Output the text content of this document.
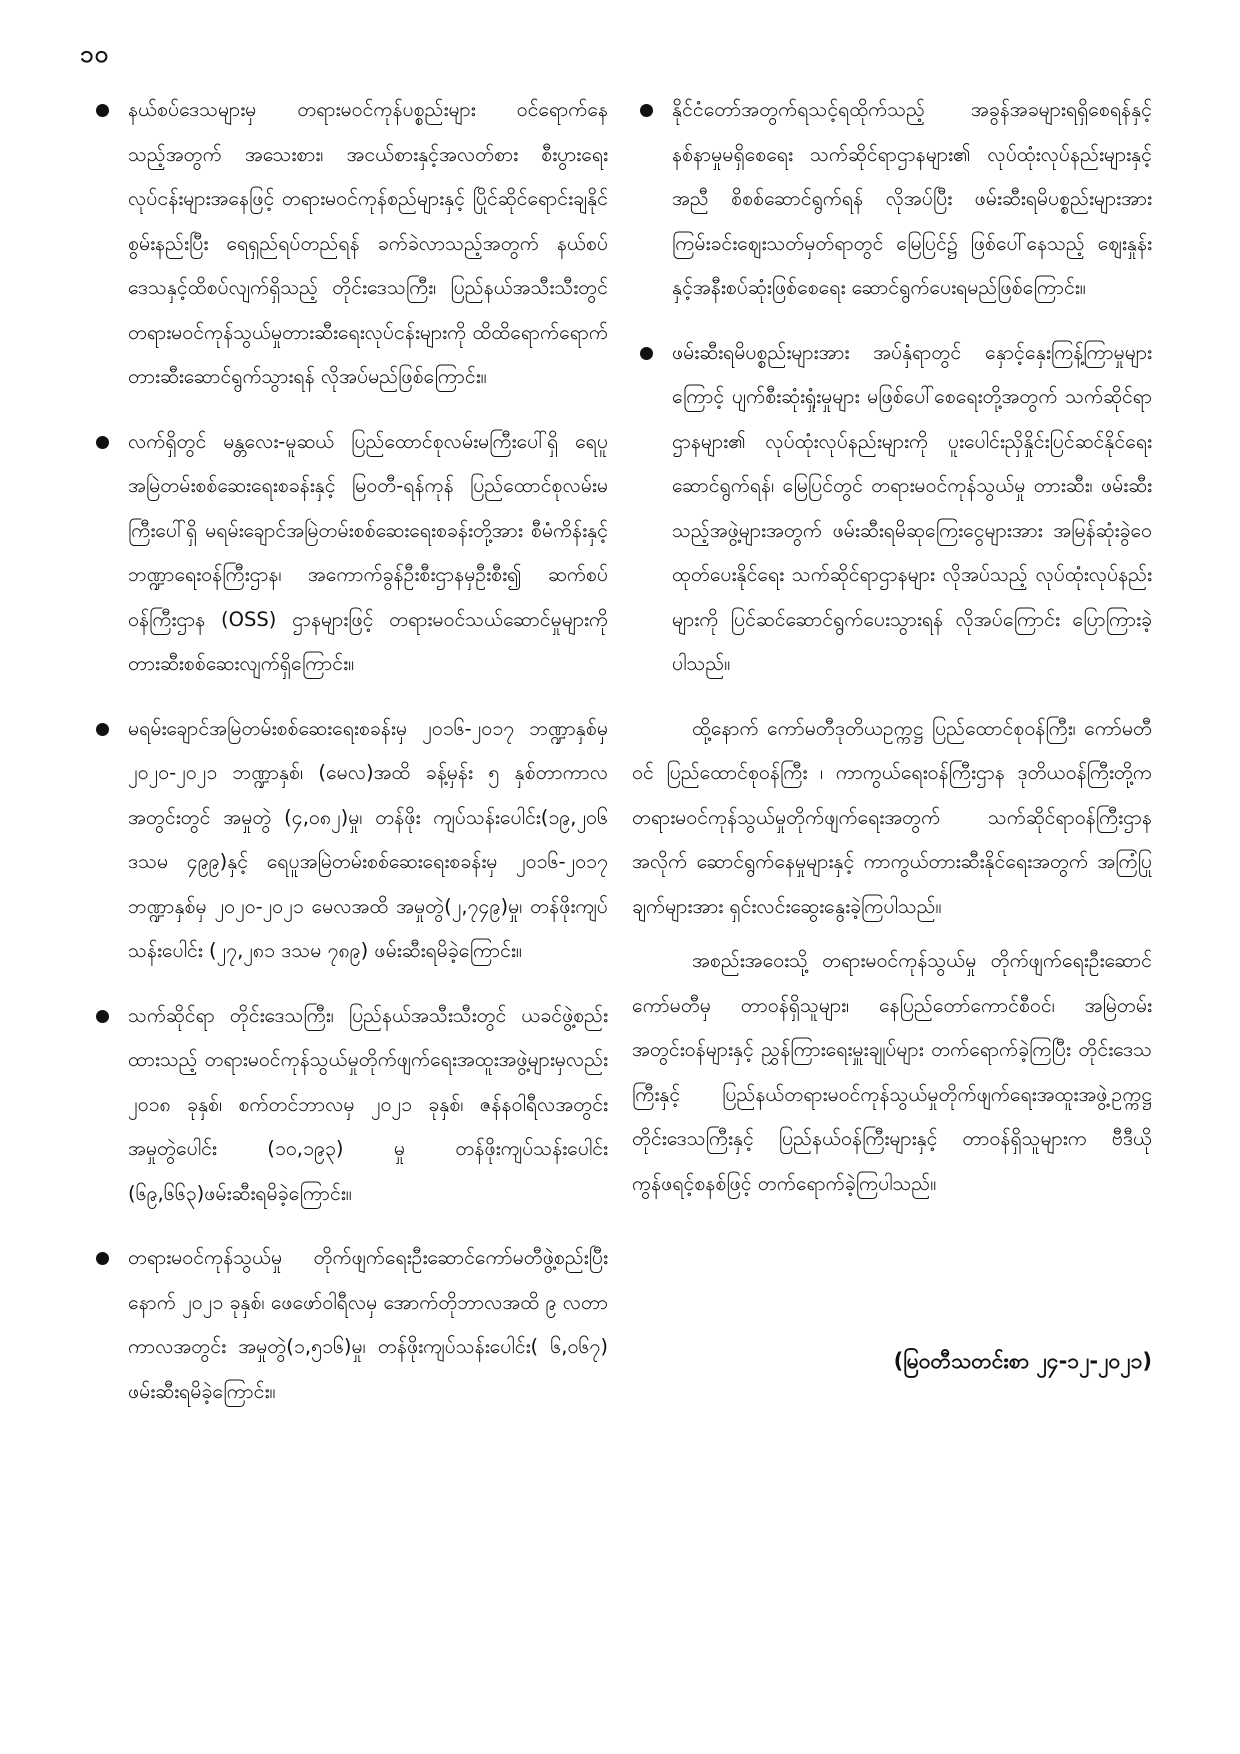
၁၀
နယ်စပ်ဒေသများမှ တရားမဝင်ကုန်ပစ္စည်းများ ဝင်ရောက်နေသည့်အတွက် အသေးစား၊ အငယ်စားနှင့်အလတ်စား စီးပွားရေးလုပ်ငန်းများအနေဖြင့် တရားမဝင်ကုန်စည်များနှင့် ပြိုင်ဆိုင်ရောင်းချနိုင်စွမ်းနည်းပြီး ရေရှည်ရပ်တည်ရန် ခက်ခဲလာသည့်အတွက် နယ်စပ်ဒေသနှင့်ထိစပ်လျက်ရှိသည့် တိုင်းဒေသကြီး၊ ပြည်နယ်အသီးသီးတွင် တရားမဝင်ကုန်သွယ်မှုတားဆီးရေးလုပ်ငန်းများကို ထိထိရောက်ရောက်တားဆီးဆောင်ရွက်သွားရန် လိုအပ်မည်ဖြစ်ကြောင်း။
လက်ရှိတွင် မန္တလေး-မူဆယ် ပြည်ထောင်စုလမ်းမကြီးပေါ်ရှိ ရေပူအမြဲတမ်းစစ်ဆေးရေးစခန်းနှင့် မြဝတီ-ရန်ကုန် ပြည်ထောင်စုလမ်းမကြီးပေါ်ရှိ မရမ်းချောင်အမြဲတမ်းစစ်ဆေးရေးစခန်းတို့အား စီမံကိန်းနှင့်ဘဏ္ဍာရေးဝန်ကြီးဌာန၊ အကောက်ခွန်ဦးစီးဌာနမှဦးစီး၍ ဆက်စပ်ဝန်ကြီးဌာန (OSS) ဌာနများဖြင့် တရားမဝင်သယ်ဆောင်မှုများကို တားဆီးစစ်ဆေးလျက်ရှိကြောင်း။
မရမ်းချောင်အမြဲတမ်းစစ်ဆေးရေးစခန်းမှ ၂၀၁၆-၂၀၁၇ ဘဏ္ဍာနှစ်မှ ၂၀၂၀-၂၀၂၁ ဘဏ္ဍာနှစ်၊ (မေလ)အထိ ခန့်မှန်း ၅ နှစ်တာကာလအတွင်းတွင် အမှုတွဲ (၄,၀၈၂)မှု၊ တန်ဖိုး ကျပ်သန်းပေါင်း(၁၉,၂၀၆ ဒသမ ၄၉၉)နှင့် ရေပူအမြဲတမ်းစစ်ဆေးရေးစခန်းမှ ၂၀၁၆-၂၀၁၇ ဘဏ္ဍာနှစ်မှ ၂၀၂၀-၂၀၂၁ မေလအထိ အမှုတွဲ(၂,၇၄၉)မှု၊ တန်ဖိုးကျပ်သန်းပေါင်း (၂၇,၂၈၁ ဒသမ ၇၈၉) ဖမ်းဆီးရမိခဲ့ကြောင်း။
သက်ဆိုင်ရာ တိုင်းဒေသကြီး၊ ပြည်နယ်အသီးသီးတွင် ယခင်ဖွဲ့စည်းထားသည့် တရားမဝင်ကုန်သွယ်မှုတိုက်ဖျက်ရေးအထူးအဖွဲ့များမှလည်း ၂၀၁၈ ခုနှစ်၊ စက်တင်ဘာလမှ ၂၀၂၁ ခုနှစ်၊ ဇန်နဝါရီလအတွင်း အမှုတွဲပေါင်း (၁၀,၁၉၃) မှု တန်ဖိုးကျပ်သန်းပေါင်း (၆၉,၆၆၃)ဖမ်းဆီးရမိခဲ့ကြောင်း။
တရားမဝင်ကုန်သွယ်မှု တိုက်ဖျက်ရေးဦးဆောင်ကော်မတီဖွဲ့စည်းပြီးနောက် ၂၀၂၁ ခုနှစ်၊ ဖေဖော်ဝါရီလမှ အောက်တိုဘာလအထိ ၉ လတာကာလအတွင်း အမှုတွဲ(၁,၅၁၆)မှု၊ တန်ဖိုးကျပ်သန်းပေါင်း( ၆,၀၆၇) ဖမ်းဆီးရမိခဲ့ကြောင်း။
နိုင်ငံတော်အတွက်ရသင့်ရထိုက်သည့် အခွန်အခများရရှိစေရန်နှင့် နစ်နာမှုမရှိစေရေး သက်ဆိုင်ရာဌာနများ၏ လုပ်ထုံးလုပ်နည်းများနှင့်အညီ စိစစ်ဆောင်ရွက်ရန် လိုအပ်ပြီး ဖမ်းဆီးရမိပစ္စည်းများအား ကြမ်းခင်းဈေးသတ်မှတ်ရာတွင် မြေပြင်၌ ဖြစ်ပေါ်နေသည့် ဈေးနှုန်းနှင့်အနီးစပ်ဆုံးဖြစ်စေရေး ဆောင်ရွက်ပေးရမည်ဖြစ်ကြောင်း။
ဖမ်းဆီးရမိပစ္စည်းများအား အပ်နှံရာတွင် နှောင့်နှေးကြန့်ကြာမှုများကြောင့် ပျက်စီးဆုံးရှုံးမှုများ မဖြစ်ပေါ်စေရေးတို့အတွက် သက်ဆိုင်ရာဌာနများ၏ လုပ်ထုံးလုပ်နည်းများကို ပူးပေါင်းညှိနှိုင်းပြင်ဆင်နိုင်ရေး ဆောင်ရွက်ရန်၊ မြေပြင်တွင် တရားမဝင်ကုန်သွယ်မှု တားဆီး၊ ဖမ်းဆီးသည့်အဖွဲ့များအတွက် ဖမ်းဆီးရမိဆုကြေးငွေများအား အမြန်ဆုံးခွဲဝေထုတ်ပေးနိုင်ရေး သက်ဆိုင်ရာဌာနများ လိုအပ်သည့် လုပ်ထုံးလုပ်နည်းများကို ပြင်ဆင်ဆောင်ရွက်ပေးသွားရန် လိုအပ်ကြောင်း ပြောကြားခဲ့ပါသည်။

ထို့နောက် ကော်မတီဒုတိယဥက္ကဋ္ဌ ပြည်ထောင်စုဝန်ကြီး၊ ကော်မတီဝင် ပြည်ထောင်စုဝန်ကြီး ၊ ကာကွယ်ရေးဝန်ကြီးဌာန ဒုတိယဝန်ကြီးတို့က တရားမဝင်ကုန်သွယ်မှုတိုက်ဖျက်ရေးအတွက် သက်ဆိုင်ရာဝန်ကြီးဌာနအလိုက် ဆောင်ရွက်နေမှုများနှင့် ကာကွယ်တားဆီးနိုင်ရေးအတွက် အကြံပြုချက်များအား ရှင်းလင်းဆွေးနွေးခဲ့ကြပါသည်။

အစည်းအဝေးသို့ တရားမဝင်ကုန်သွယ်မှု တိုက်ဖျက်ရေးဦးဆောင်ကော်မတီမှ တာဝန်ရှိသူများ၊ နေပြည်တော်ကောင်စီဝင်၊ အမြဲတမ်းအတွင်းဝန်များနှင့် ညွှန်ကြားရေးမှူးချုပ်များ တက်ရောက်ခဲ့ကြပြီး တိုင်းဒေသကြီးနှင့် ပြည်နယ်တရားမဝင်ကုန်သွယ်မှုတိုက်ဖျက်ရေးအထူးအဖွဲ့ဥက္ကဋ္ဌ တိုင်းဒေသကြီးနှင့် ပြည်နယ်ဝန်ကြီးများနှင့် တာဝန်ရှိသူများက ဗီဒီယိုကွန်ဖရင့်စနစ်ဖြင့် တက်ရောက်ခဲ့ကြပါသည်။

(မြဝတီသတင်းစာ ၂၄-၁၂-၂၀၂၁)
